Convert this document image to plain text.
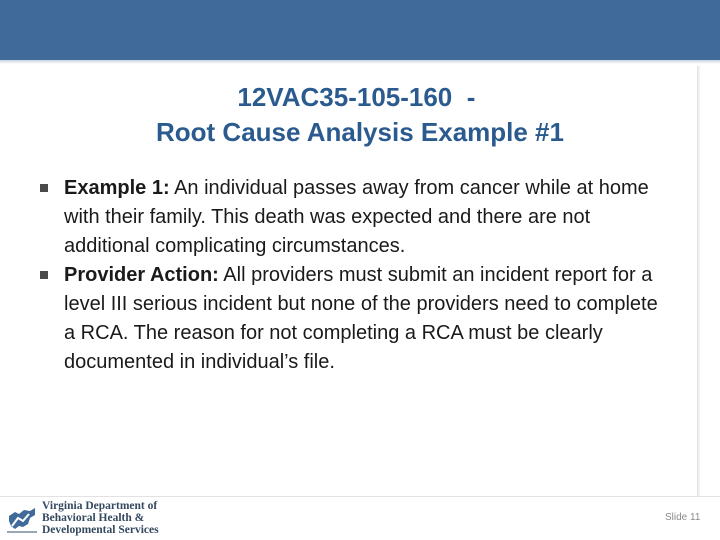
12VAC35-105-160  -
Root Cause Analysis Example #1
Example 1: An individual passes away from cancer while at home with their family. This death was expected and there are not additional complicating circumstances.
Provider Action: All providers must submit an incident report for a level III serious incident but none of the providers need to complete a RCA. The reason for not completing a RCA must be clearly documented in individual’s file.
Virginia Department of
Behavioral Health &
Developmental Services
Slide 11
